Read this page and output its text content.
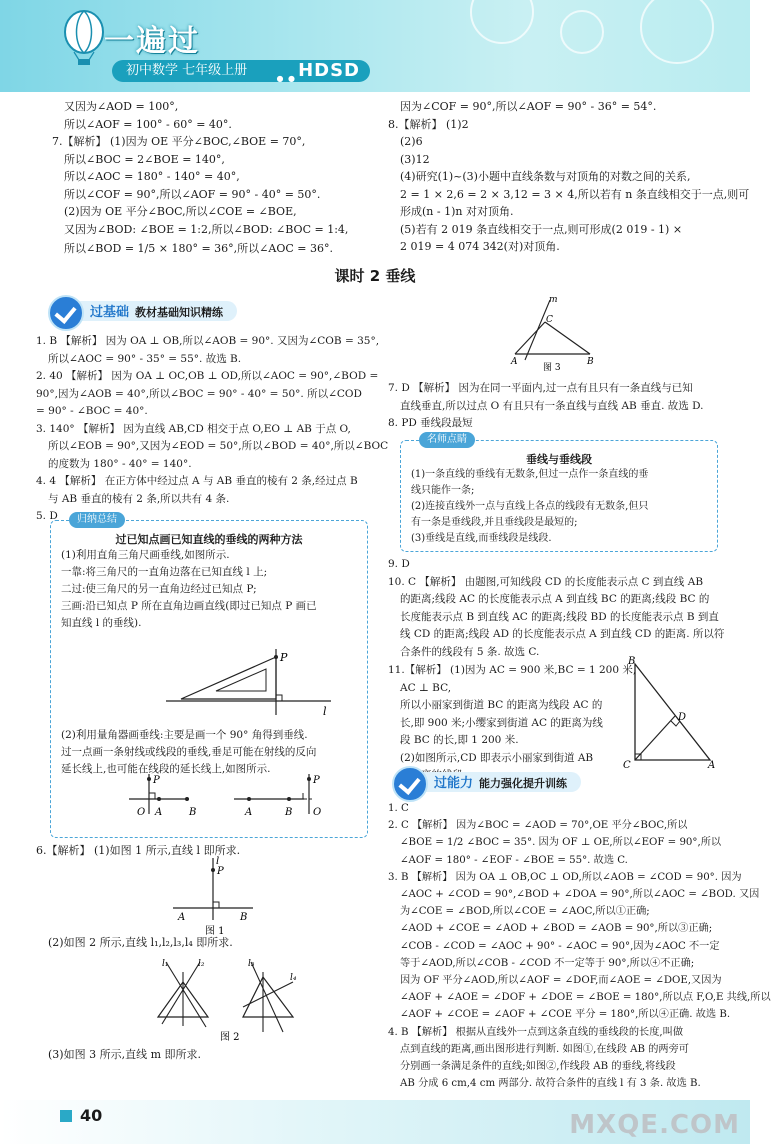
一遍过
初中数学 七年级上册
● ● HDSD
又因为∠AOD = 100°,
所以∠AOF = 100° - 60° = 40°.
7.【解析】 (1)因为 OE 平分∠BOC,∠BOE = 70°,
所以∠BOC = 2∠BOE = 140°,
所以∠AOC = 180° - 140° = 40°,
所以∠COF = 90°,所以∠AOF = 90° - 40° = 50°.
(2)因为 OE 平分∠BOC,所以∠COE = ∠BOE,
又因为∠BOD: ∠BOE = 1:2,所以∠BOD: ∠BOC = 1:4,
所以∠BOD = 1/5 × 180° = 36°,所以∠AOC = 36°.
因为∠COF = 90°,所以∠AOF = 90° - 36° = 54°.
8.【解析】 (1)2
(2)6
(3)12
(4)研究(1)~(3)小题中直线条数与对顶角的对数之间的关系,
2 = 1 × 2,6 = 2 × 3,12 = 3 × 4,所以若有 n 条直线相交于一点,则可
形成(n - 1)n 对对顶角.
(5)若有 2 019 条直线相交于一点,则可形成(2 019 - 1) ×
2 019 = 4 074 342(对)对顶角.
课时 2 垂线
过基础 教材基础知识精练
1. B 【解析】 因为 OA ⊥ OB,所以∠AOB = 90°. 又因为∠COB = 35°,
所以∠AOC = 90° - 35° = 55°. 故选 B.
2. 40 【解析】 因为 OA ⊥ OC,OB ⊥ OD,所以∠AOC = 90°,∠BOD =
90°,因为∠AOB = 40°,所以∠BOC = 90° - 40° = 50°. 所以∠COD = 90° - ∠BOC = 40°.
3. 140° 【解析】 因为直线 AB,CD 相交于点 O,EO ⊥ AB 于点 O,
所以∠EOB = 90°,又因为∠EOD = 50°,所以∠BOD = 40°,所以∠BOC
的度数为 180° - 40° = 140°.
4. 4 【解析】 在正方体中经过点 A 与 AB 垂直的棱有 2 条,经过点 B
与 AB 垂直的棱有 2 条,所以共有 4 条.
5. D	归纳总结
过已知点画已知直线的垂线的两种方法
(1)利用直角三角尺画垂线,如图所示.
一靠:将三角尺的一直角边落在已知直线 l 上;
二过:使三角尺的另一直角边经过已知点 P;
三画:沿已知点 P 所在直角边画直线(即过已知点 P 画已
知直线 l 的垂线).
P
l
(2)利用量角器画垂线:主要是画一个 90° 角得到垂线.
过一点画一条射线或线段的垂线,垂足可能在射线的反向
延长线上,也可能在线段的延长线上,如图所示.
P
O A	B
P
A	B O
6.【解析】 (1)如图 1 所示,直线 l 即所求.
P
l
A	B
图 1
(2)如图 2 所示,直线 l₁,l₂,l₃,l₄ 即所求.
l₁	l₂	l₃
l₄
图 2
(3)如图 3 所示,直线 m 即所求.
m
C
A	B
图 3
7. D 【解析】 因为在同一平面内,过一点有且只有一条直线与已知
直线垂直,所以过点 O 有且只有一条直线与直线 AB 垂直. 故选 D.
8. PD 垂线段最短
名师点睛
垂线与垂线段
(1)一条直线的垂线有无数条,但过一点作一条直线的垂
线只能作一条;
(2)连接直线外一点与直线上各点的线段有无数条,但只
有一条是垂线段,并且垂线段是最短的;
(3)垂线是直线,而垂线段是线段.
9. D
10. C 【解析】 由题图,可知线段 CD 的长度能表示点 C 到直线 AB
的距离;线段 AC 的长度能表示点 A 到直线 BC 的距离;线段 BC 的
长度能表示点 B 到直线 AC 的距离;线段 BD 的长度能表示点 B 到直
线 CD 的距离;线段 AD 的长度能表示点 A 到直线 CD 的距离. 所以符
合条件的线段有 5 条. 故选 C.
11.【解析】 (1)因为 AC = 900 米,BC = 1 200 米,
AC ⊥ BC,
所以小丽家到街道 BC 的距离为线段 AC 的
长,即 900 米;小缨家到街道 AC 的距离为线
段 BC 的长,即 1 200 米.
(2)如图所示,CD 即表示小丽家到街道 AB
B
D
C	A
过能力 能力强化提升训练
1. C
2. C 【解析】 因为∠BOC = ∠AOD = 70°,OE 平分∠BOC,所以
∠BOE = 1/2 ∠BOC = 35°. 因为 OF ⊥ OE,所以∠EOF = 90°,所以
∠AOF = 180° - ∠EOF - ∠BOE = 55°. 故选 C.
3. B 【解析】 因为 OA ⊥ OB,OC ⊥ OD,所以∠AOB = ∠COD = 90°. 因为
∠AOC + ∠COD = 90°,∠BOD + ∠DOA = 90°,所以∠AOC = ∠BOD. 又因
为∠COE = ∠BOD,所以∠COE = ∠AOC,所以①正确;
∠AOD + ∠COE = ∠AOD + ∠BOD = ∠AOB = 90°,所以③正确;
∠COB - ∠COD = ∠AOC + 90° - ∠AOC = 90°,因为∠AOC 不一定
等于∠AOD,所以∠COB - ∠COD 不一定等于 90°,所以④不正确;
因为 OF 平分∠AOD,所以∠AOF = ∠DOF,而∠AOE = ∠DOE,又因为
∠AOF + ∠AOE = ∠DOF + ∠DOE = ∠BOE = 180°,所以点 F,O,E 共线,所以
∠AOF + ∠COE = ∠AOF + ∠COE 平分 = 180°,所以④正确. 故选 B.
4. B 【解析】 根据从直线外一点到这条直线的垂线段的长度,叫做
点到直线的距离,画出图形进行判断. 如图①,在线段 AB 的两旁可
分别画一条满足条件的直线;如图②,作线段 AB 的垂线,将线段
AB 分成 6 cm,4 cm 两部分. 故符合条件的直线 l 有 3 条. 故选 B.
MXQE.COM
40
